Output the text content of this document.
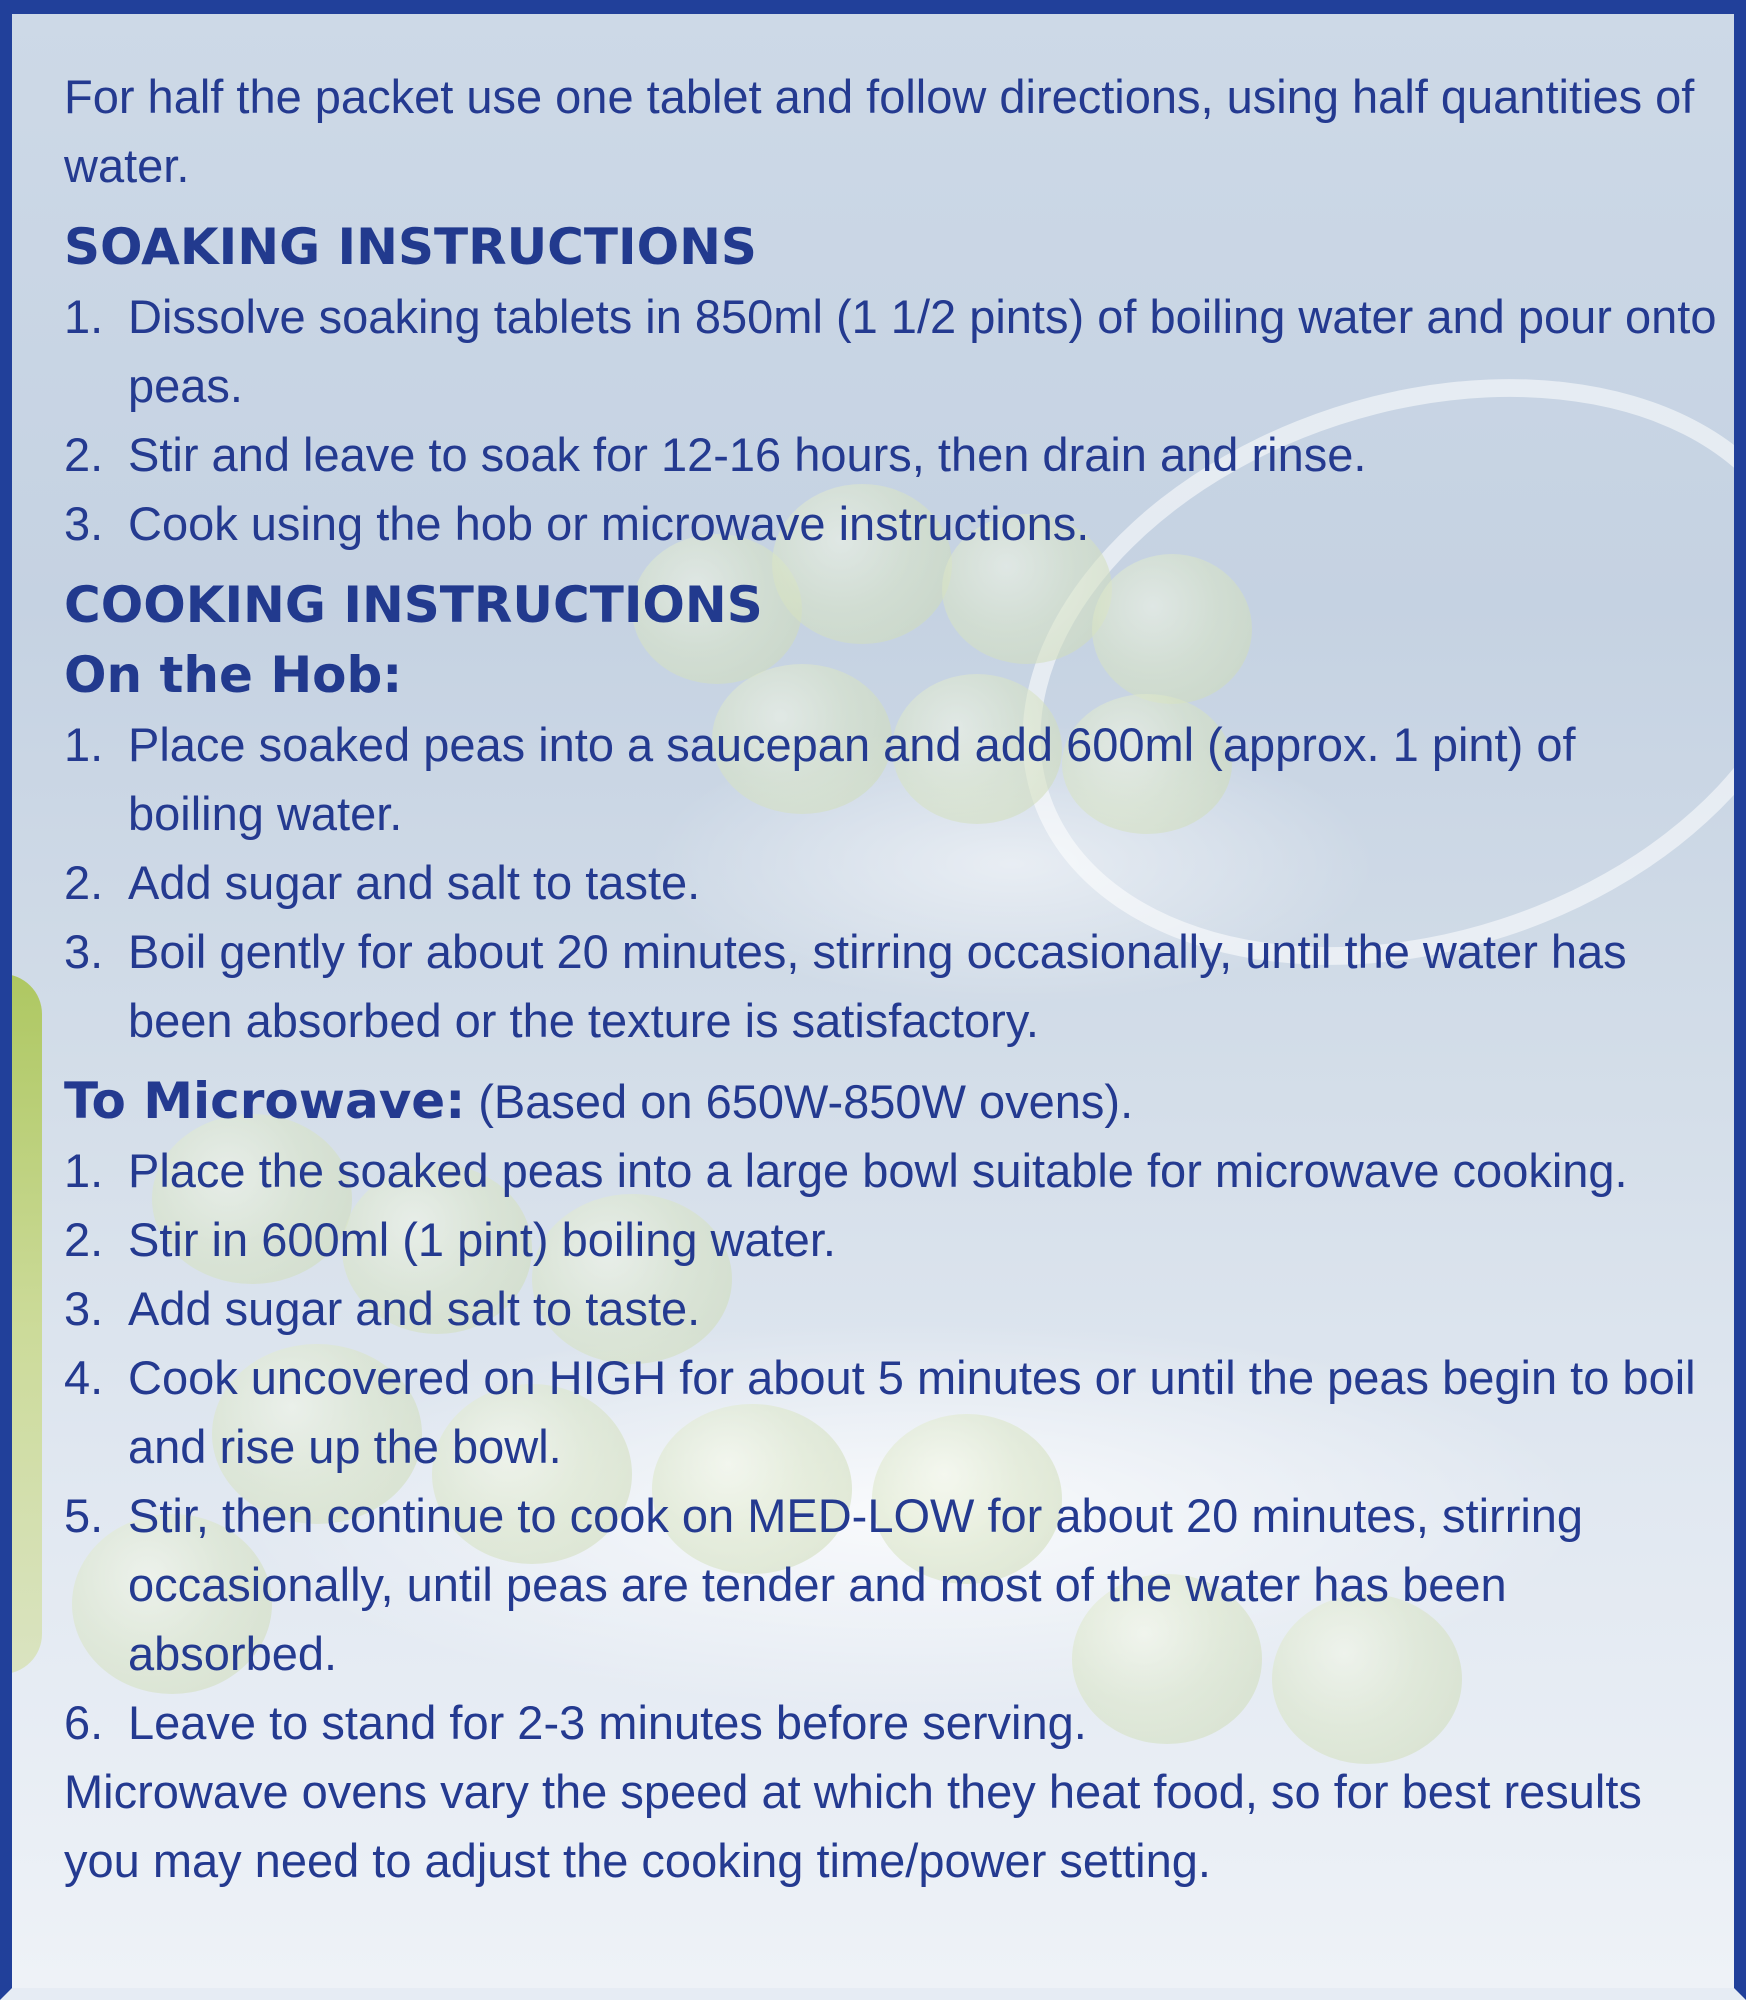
For half the packet use one tablet and follow directions, using half quantities of water.

SOAKING INSTRUCTIONS
1. Dissolve soaking tablets in 850ml (1 1/2 pints) of boiling water and pour onto peas.
2. Stir and leave to soak for 12-16 hours, then drain and rinse.
3. Cook using the hob or microwave instructions.
COOKING INSTRUCTIONS
On the Hob:
1. Place soaked peas into a saucepan and add 600ml (approx. 1 pint) of boiling water.
2. Add sugar and salt to taste.
3. Boil gently for about 20 minutes, stirring occasionally, until the water has been absorbed or the texture is satisfactory.

To Microwave: (Based on 650W-850W ovens).

1. Place the soaked peas into a large bowl suitable for microwave cooking.
2. Stir in 600ml (1 pint) boiling water.
3. Add sugar and salt to taste.
4. Cook uncovered on HIGH for about 5 minutes or until the peas begin to boil and rise up the bowl.
5. Stir, then continue to cook on MED-LOW for about 20 minutes, stirring occasionally, until peas are tender and most of the water has been absorbed.
6. Leave to stand for 2-3 minutes before serving.

Microwave ovens vary the speed at which they heat food, so for best results you may need to adjust the cooking time/power setting.
